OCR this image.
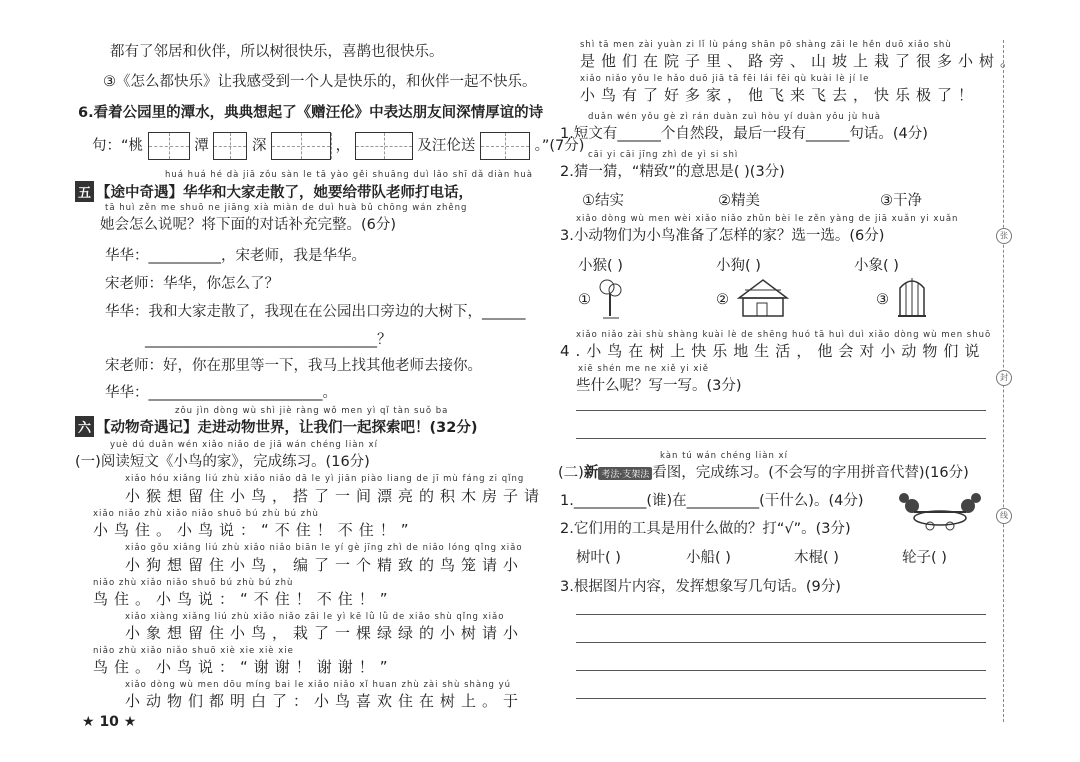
都有了邻居和伙伴，所以树很快乐，喜鹊也很快乐。
③《怎么都快乐》让我感受到一个人是快乐的，和伙伴一起不快乐。
6.看着公园里的潭水，典典想起了《赠汪伦》中表达朋友间深情厚谊的诗
句：“桃	潭	深	，	及汪伦送	。”(7分)
huá huá hé dà jiā zǒu sàn le tā yào gěi shuāng duì lǎo shī dǎ diàn huà
五 【途中奇遇】华华和大家走散了，她要给带队老师打电话，
tā huì zěn me shuō ne jiāng xià miàn de duì huà bǔ chōng wán zhěng
她会怎么说呢？将下面的对话补充完整。(6分)
华华：__________，宋老师，我是华华。
宋老师：华华，你怎么了？
华华：我和大家走散了，我现在在公园出口旁边的大树下，______
________________________________？
宋老师：好，你在那里等一下，我马上找其他老师去接你。
华华：________________________。
zǒu jìn dòng wù shì jiè ràng wǒ men yì qǐ tàn suǒ ba
六 【动物奇遇记】走进动物世界，让我们一起探索吧！(32分)
yuè dú duǎn wén xiǎo niǎo de jiā wán chéng liàn xí
(一)阅读短文《小鸟的家》，完成练习。(16分)
xiǎo hóu xiǎng liú zhù xiǎo niǎo dā le yì jiān piào liang de jī mù fáng zi qǐng
小猴想留住小鸟，搭了一间漂亮的积木房子请
xiǎo niǎo zhù xiǎo niǎo shuō bú zhù bú zhù
小鸟住。小鸟说：“不住！不住！”
xiǎo gǒu xiǎng liú zhù xiǎo niǎo biān le yí gè jīng zhì de niǎo lóng qǐng xiǎo
小狗想留住小鸟，编了一个精致的鸟笼请小
niǎo zhù xiǎo niǎo shuō bú zhù bú zhù
鸟住。小鸟说：“不住！不住！”
xiǎo xiàng xiǎng liú zhù xiǎo niǎo zāi le yì kē lǜ lǜ de xiǎo shù qǐng xiǎo
小象想留住小鸟，栽了一棵绿绿的小树请小
niǎo zhù xiǎo niǎo shuō xiè xie xiè xie
鸟住。小鸟说：“谢谢！谢谢！”
xiǎo dòng wù men dōu míng bai le xiǎo niǎo xǐ huan zhù zài shù shàng yú
小动物们都明白了：小鸟喜欢住在树上。于
★ 10 ★
shì tā men zài yuàn zi lǐ lù páng shān pō shàng zāi le hěn duō xiǎo shù
是他们在院子里、路旁、山坡上栽了很多小树。
xiǎo niǎo yǒu le hǎo duō jiā tā fēi lái fēi qù kuài lè jí le
小鸟有了好多家，他飞来飞去，快乐极了！
duǎn wén yǒu gè zì rán duàn zuì hòu yí duàn yǒu jù huà
1.短文有______个自然段，最后一段有______句话。(4分)
cāi yi cāi jīng zhì de yì si shì
2.猜一猜，“精致”的意思是( )(3分)
①结实	②精美	③干净
xiǎo dòng wù men wèi xiǎo niǎo zhǔn bèi le zěn yàng de jiā xuǎn yi xuǎn
3.小动物们为小鸟准备了怎样的家？选一选。(6分)
小猴( )	小狗( )	小象( )
①	②	③
xiǎo niǎo zài shù shàng kuài lè de shēng huó tā huì duì xiǎo dòng wù men shuō
4.小鸟在树上快乐地生活，他会对小动物们说
xiē shén me ne xiě yi xiě
些什么呢？写一写。(3分)
kàn tú wán chéng liàn xí
(二)新 考法·支架法 看图，完成练习。(不会写的字用拼音代替)(16分)
1.__________(谁)在__________(干什么)。(4分)
2.它们用的工具是用什么做的？打“√”。(3分)
树叶( )	小船( )	木棍( )	轮子( )
3.根据图片内容，发挥想象写几句话。(9分)
张
封
线
